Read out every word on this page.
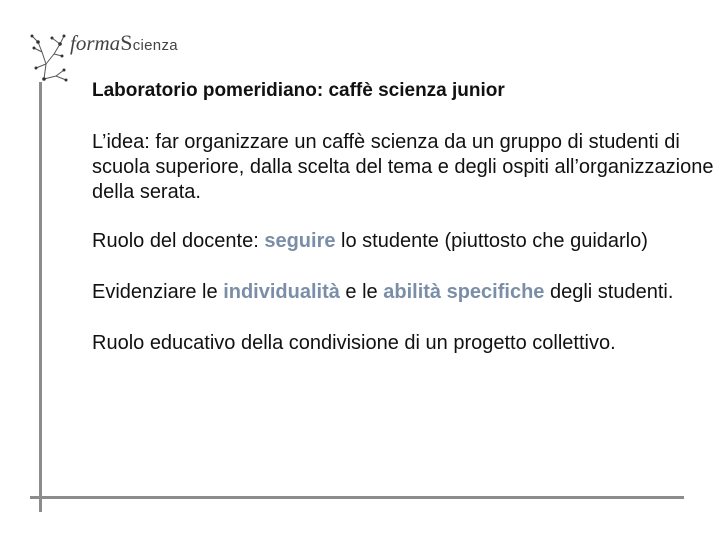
formaScienza

Laboratorio pomeridiano: caffè scienza junior

L’idea: far organizzare un caffè scienza da un gruppo di studenti di scuola superiore, dalla scelta del tema e degli ospiti all’organizzazione della serata.

Ruolo del docente: seguire lo studente (piuttosto che guidarlo)

Evidenziare le individualità e le abilità specifiche degli studenti.

Ruolo educativo della condivisione di un progetto collettivo.
